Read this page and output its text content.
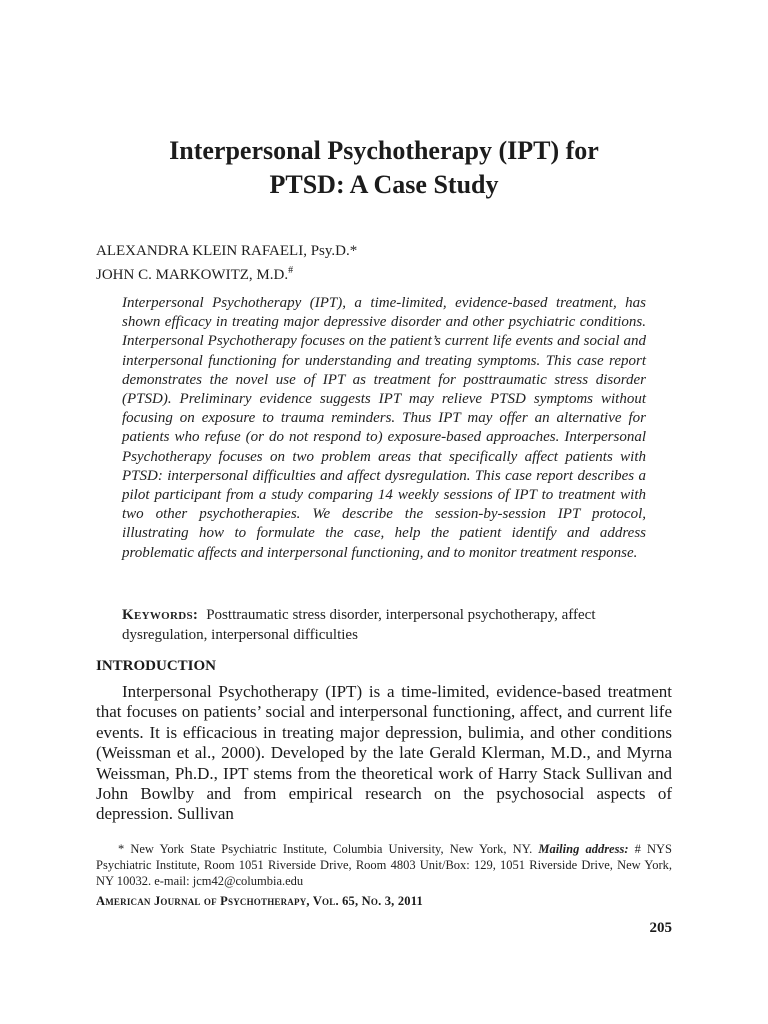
Interpersonal Psychotherapy (IPT) for
PTSD: A Case Study
ALEXANDRA KLEIN RAFAELI, Psy.D.*
JOHN C. MARKOWITZ, M.D.#
Interpersonal Psychotherapy (IPT), a time-limited, evidence-based treatment, has shown efficacy in treating major depressive disorder and other psychiatric conditions. Interpersonal Psychotherapy focuses on the patient’s current life events and social and interpersonal functioning for understanding and treating symptoms. This case report demonstrates the novel use of IPT as treatment for posttraumatic stress disorder (PTSD). Preliminary evidence suggests IPT may relieve PTSD symptoms without focusing on exposure to trauma reminders. Thus IPT may offer an alternative for patients who refuse (or do not respond to) exposure-based approaches. Interpersonal Psychotherapy focuses on two problem areas that specifically affect patients with PTSD: interpersonal difficulties and affect dysregulation. This case report describes a pilot participant from a study comparing 14 weekly sessions of IPT to treatment with two other psychotherapies. We describe the session-by-session IPT protocol, illustrating how to formulate the case, help the patient identify and address problematic affects and interpersonal functioning, and to monitor treatment response.
Keywords: Posttraumatic stress disorder, interpersonal psychotherapy, affect dysregulation, interpersonal difficulties
INTRODUCTION
Interpersonal Psychotherapy (IPT) is a time-limited, evidence-based treatment that focuses on patients’ social and interpersonal functioning, affect, and current life events. It is efficacious in treating major depression, bulimia, and other conditions (Weissman et al., 2000). Developed by the late Gerald Klerman, M.D., and Myrna Weissman, Ph.D., IPT stems from the theoretical work of Harry Stack Sullivan and John Bowlby and from empirical research on the psychosocial aspects of depression. Sullivan
* New York State Psychiatric Institute, Columbia University, New York, NY. Mailing address: # NYS Psychiatric Institute, Room 1051 Riverside Drive, Room 4803 Unit/Box: 129, 1051 Riverside Drive, New York, NY 10032. e-mail: jcm42@columbia.edu
American Journal of Psychotherapy, Vol. 65, No. 3, 2011
205
